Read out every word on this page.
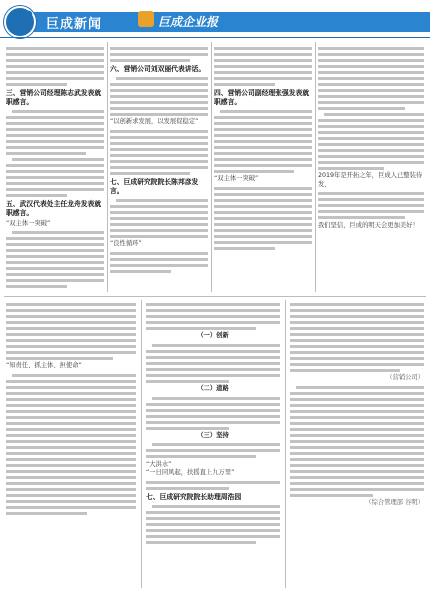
02 巨成新闻	巨成企业报
三、营销公司经理陈志武发表就职感言。
五、武汉代表处主任龙舟发表就职感言。
“双主体一突破”
六、营销公司刘双丽代表讲话。
“以创新求发展，以发展促稳定”
七、巨成研究院院长陈邦彦发言。
“良性循环”
四、营销公司副经理张强发表就职感言。
“双主体一突破”	2019年是开拓之年，巨成人已整装待发，
我们坚信，巨成的明天会更加美好！
“知责任、抓主体、担使命”
（一）创新
（二）道路
（三）坚持
“大洪水”
“一日同风起，扶摇直上九万里”
七、巨成研究院院长助理周浩园
（营销公司）
（综合管理部 谷明）
